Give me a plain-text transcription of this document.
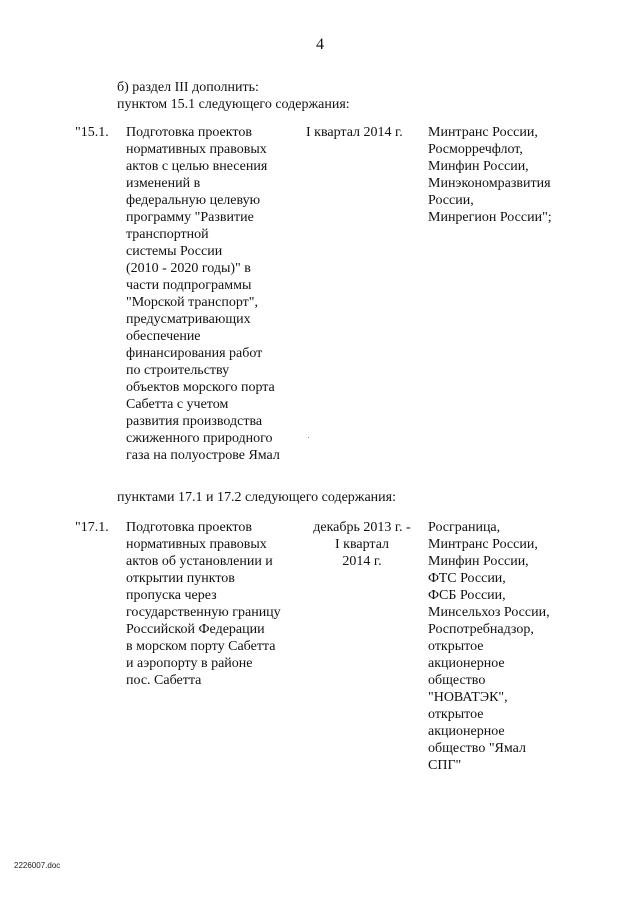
4
б) раздел III дополнить:
пунктом 15.1 следующего содержания:
"15.1. Подготовка проектов
нормативных правовых
актов с целью внесения
изменений в
федеральную целевую
программу "Развитие
транспортной
системы России
(2010 - 2020 годы)" в
части подпрограммы
"Морской транспорт",
предусматривающих
обеспечение
финансирования работ
по строительству
объектов морского порта
Сабетта с учетом
развития производства
сжиженного природного
газа на полуострове Ямал
I квартал 2014 г. Минтранс России,
Росморречфлот,
Минфин России,
Минэкономразвития
России,
Минрегион России";
пунктами 17.1 и 17.2 следующего содержания:
"17.1. Подготовка проектов
нормативных правовых
актов об установлении и
открытии пунктов
пропуска через
государственную границу
Российской Федерации
в морском порту Сабетта
и аэропорту в районе
пос. Сабетта
декабрь 2013 г. -
I квартал
2014 г.
Росграница,
Минтранс России,
Минфин России,
ФТС России,
ФСБ России,
Минсельхоз России,
Роспотребнадзор,
открытое
акционерное
общество
"НОВАТЭК",
открытое
акционерное
общество "Ямал
СПГ"
2226007.doc
